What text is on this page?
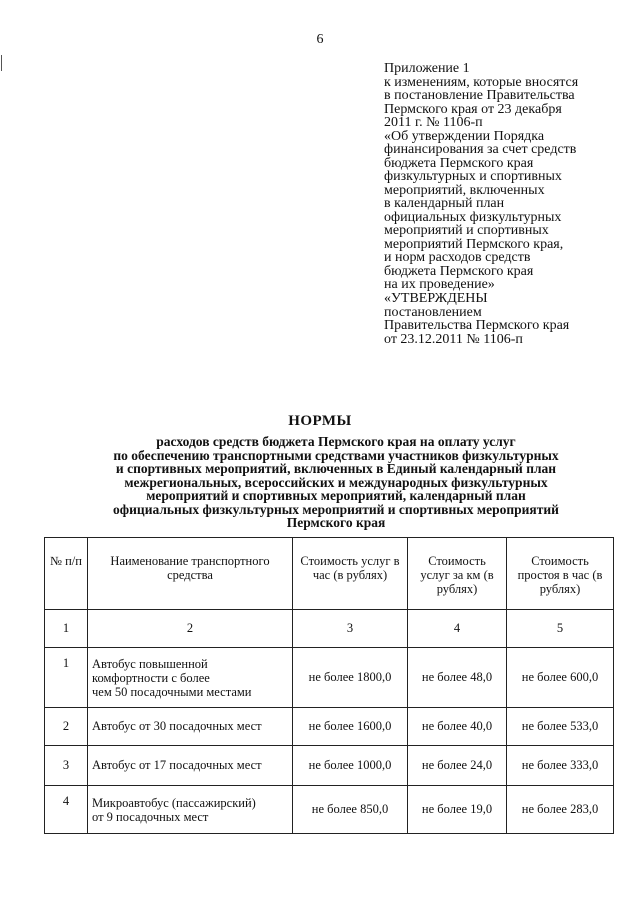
6
Приложение 1
к изменениям, которые вносятся
в постановление Правительства
Пермского края от 23 декабря
2011 г. № 1106-п
«Об утверждении Порядка
финансирования за счет средств
бюджета Пермского края
физкультурных и спортивных
мероприятий, включенных
в календарный план
официальных физкультурных
мероприятий и спортивных
мероприятий Пермского края,
и норм расходов средств
бюджета Пермского края
на их проведение»
«УТВЕРЖДЕНЫ
постановлением
Правительства Пермского края
от 23.12.2011 № 1106-п
НОРМЫ
расходов средств бюджета Пермского края на оплату услуг
по обеспечению транспортными средствами участников физкультурных
и спортивных мероприятий, включенных в Единый календарный план
межрегиональных, всероссийских и международных физкультурных
мероприятий и спортивных мероприятий, календарный план
официальных физкультурных мероприятий и спортивных мероприятий
Пермского края
№ п/п	Наименование транспортного средства	Стоимость услуг в час (в рублях)	Стоимость услуг за км (в рублях)	Стоимость простоя в час (в рублях)
1	2	3	4	5
1	Автобус повышенной
комфортности с более
чем 50 посадочными местами	не более 1800,0	не более 48,0	не более 600,0
2	Автобус от 30 посадочных мест	не более 1600,0	не более 40,0	не более 533,0
3	Автобус от 17 посадочных мест	не более 1000,0	не более 24,0	не более 333,0
4	Микроавтобус (пассажирский)
от 9 посадочных мест	не более 850,0	не более 19,0	не более 283,0
